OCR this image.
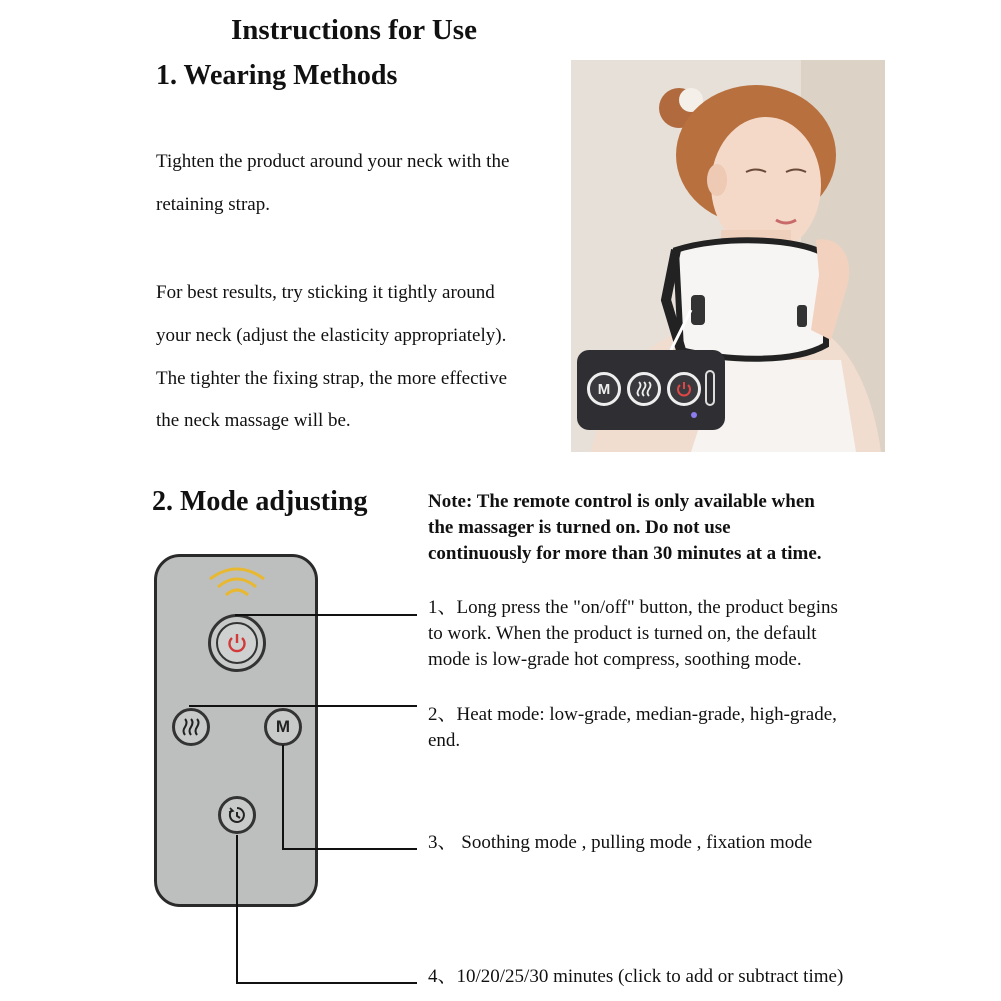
Instructions for Use
1. Wearing Methods
Tighten the product around your neck with the
retaining strap.
For best results, try sticking it tightly around
your neck (adjust the elasticity appropriately).
The tighter the fixing strap, the more effective
the neck massage will be.
M
2. Mode adjusting	Note: The remote control is only available when
the massager is turned on. Do not use
continuously for more than 30 minutes at a time.
M
1、Long press the "on/off" button, the product begins
to work. When the product is turned on, the default
mode is low-grade hot compress, soothing mode.
2、Heat mode: low-grade, median-grade, high-grade,
end.
3、 Soothing mode , pulling mode , fixation mode
4、10/20/25/30 minutes (click to add or subtract time)
